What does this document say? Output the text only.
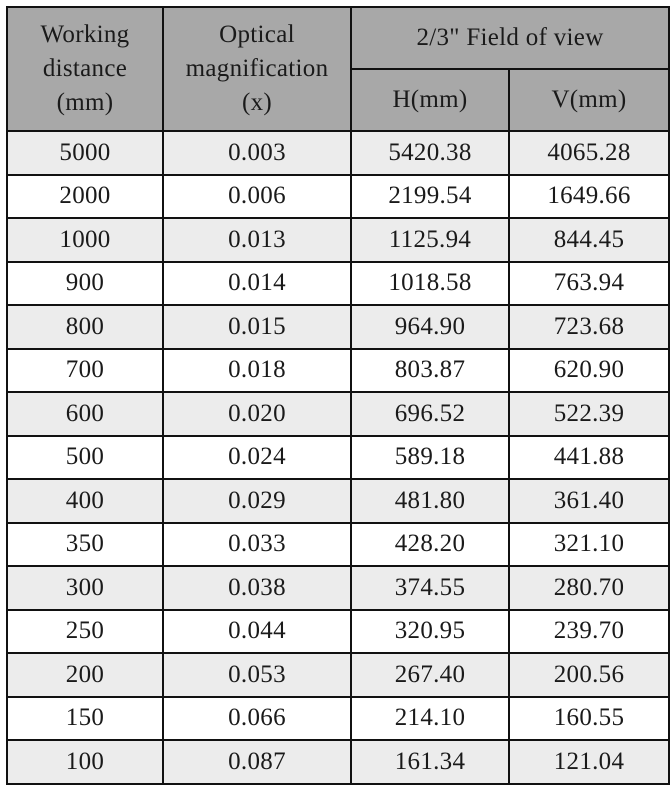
Working
distance
(mm)	Optical
magnification
(x)	2/3" Field of view	
		H(mm)	V(mm)
5000	0.003	5420.38	4065.28
2000	0.006	2199.54	1649.66
1000	0.013	1125.94	844.45
900	0.014	1018.58	763.94
800	0.015	964.90	723.68
700	0.018	803.87	620.90
600	0.020	696.52	522.39
500	0.024	589.18	441.88
400	0.029	481.80	361.40
350	0.033	428.20	321.10
300	0.038	374.55	280.70
250	0.044	320.95	239.70
200	0.053	267.40	200.56
150	0.066	214.10	160.55
100	0.087	161.34	121.04
